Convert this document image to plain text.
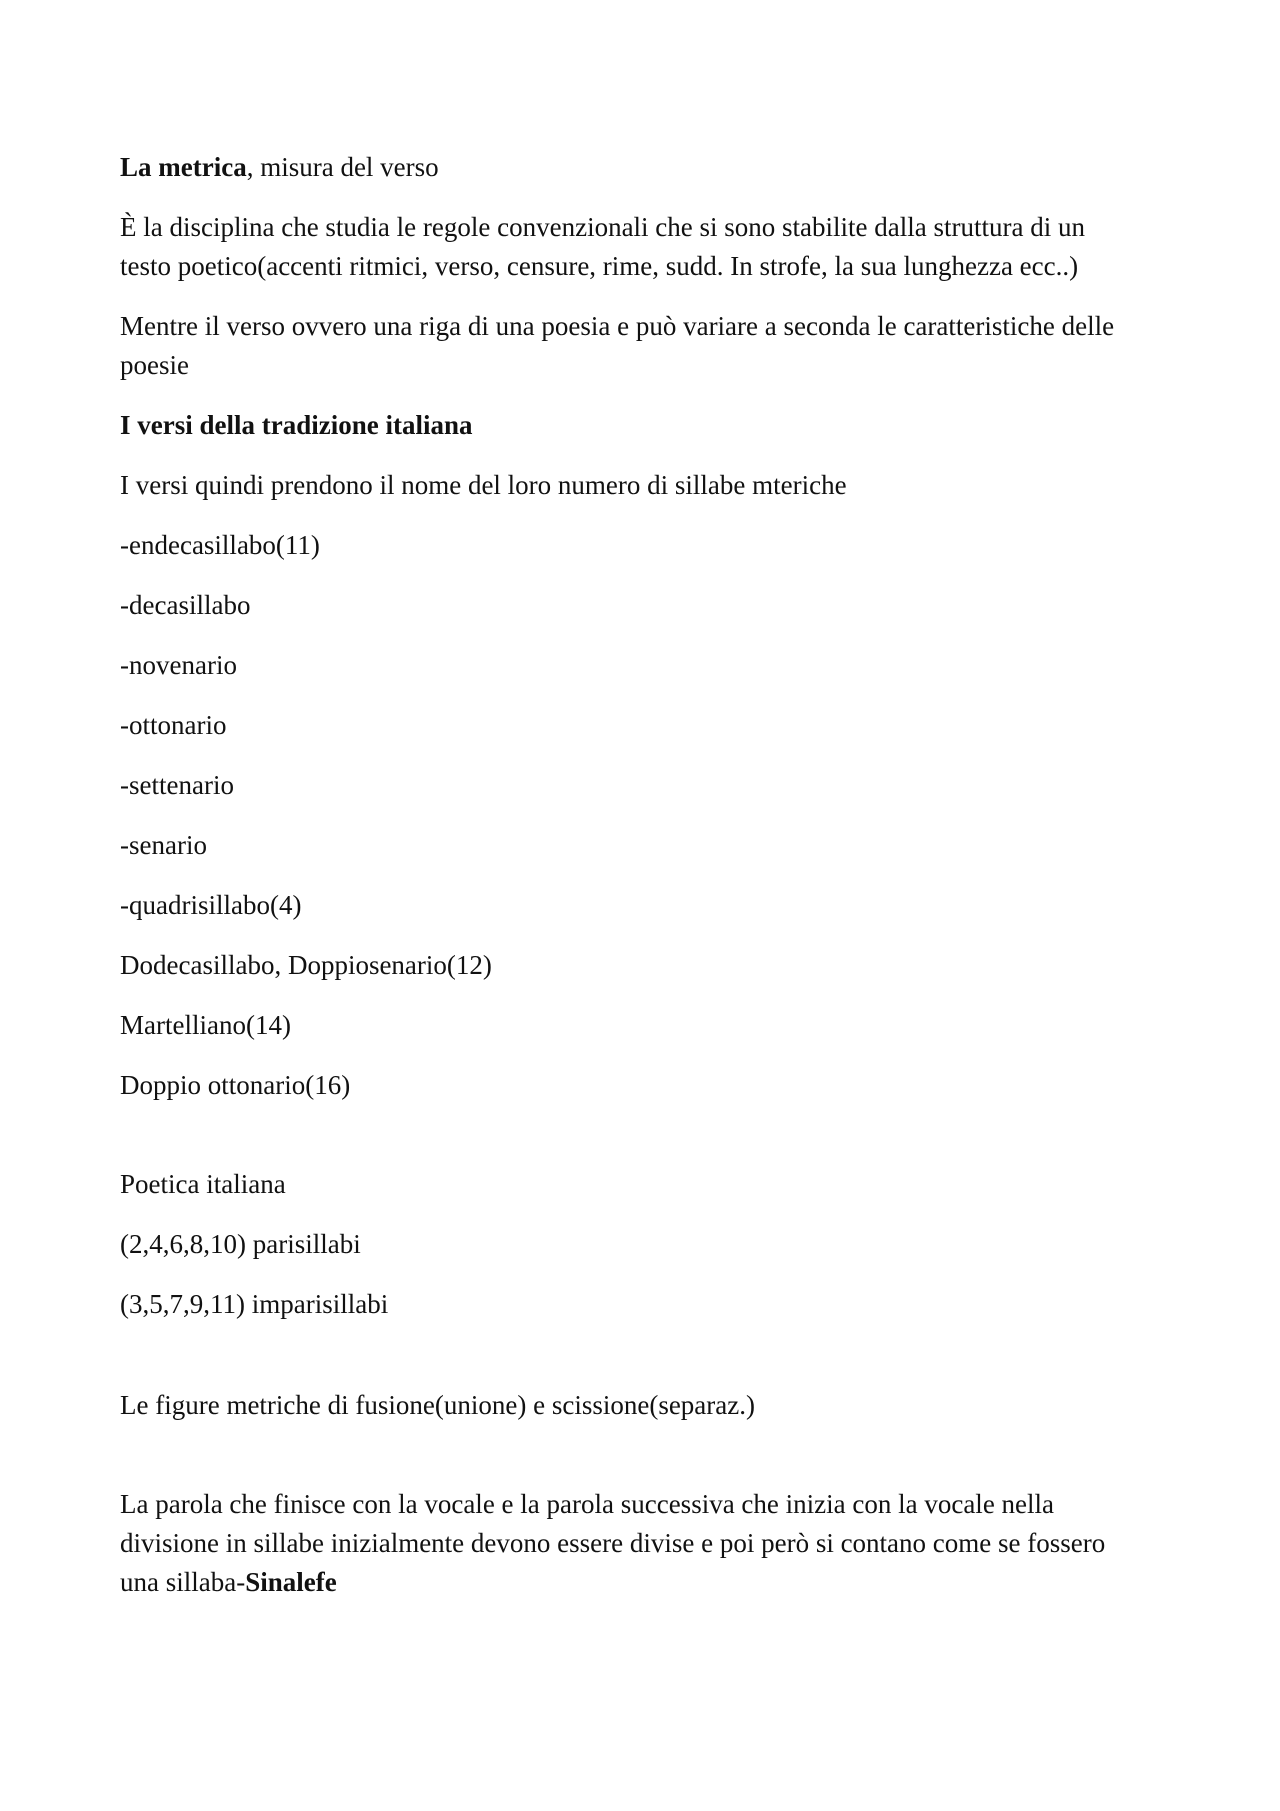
La metrica, misura del verso

È la disciplina che studia le regole convenzionali che si sono stabilite dalla struttura di un testo poetico(accenti ritmici, verso, censure, rime, sudd. In strofe, la sua lunghezza ecc..)

Mentre il verso ovvero una riga di una poesia e può variare a seconda le caratteristiche delle poesie

I versi della tradizione italiana

I versi quindi prendono il nome del loro numero di sillabe mteriche

-endecasillabo(11)

-decasillabo

-novenario

-ottonario

-settenario

-senario

-quadrisillabo(4)

Dodecasillabo, Doppiosenario(12)

Martelliano(14)

Doppio ottonario(16)

Poetica italiana

(2,4,6,8,10) parisillabi

(3,5,7,9,11) imparisillabi

Le figure metriche di fusione(unione) e scissione(separaz.)

La parola che finisce con la vocale e la parola successiva che inizia con la vocale nella divisione in sillabe inizialmente devono essere divise e poi però si contano come se fossero una sillaba-Sinalefe
